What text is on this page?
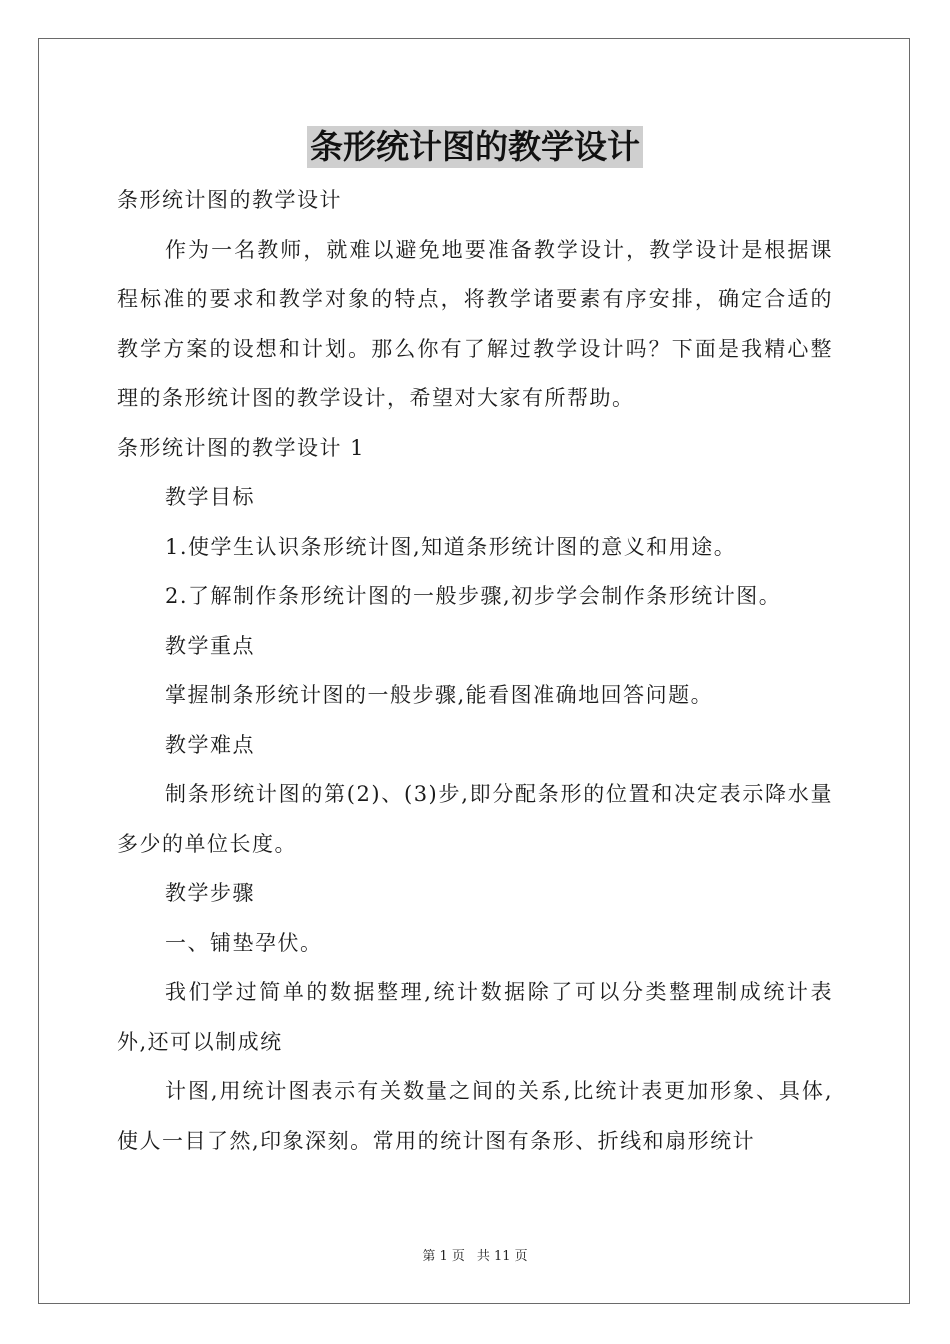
条形统计图的教学设计

条形统计图的教学设计

作为一名教师，就难以避免地要准备教学设计，教学设计是根据课程标准的要求和教学对象的特点，将教学诸要素有序安排，确定合适的教学方案的设想和计划。那么你有了解过教学设计吗？下面是我精心整理的条形统计图的教学设计，希望对大家有所帮助。

条形统计图的教学设计 1

教学目标

1.使学生认识条形统计图,知道条形统计图的意义和用途。

2.了解制作条形统计图的一般步骤,初步学会制作条形统计图。

教学重点

掌握制条形统计图的一般步骤,能看图准确地回答问题。

教学难点

制条形统计图的第(2)、(3)步,即分配条形的位置和决定表示降水量多少的单位长度。

教学步骤

一、铺垫孕伏。

我们学过简单的数据整理,统计数据除了可以分类整理制成统计表外,还可以制成统

计图,用统计图表示有关数量之间的关系,比统计表更加形象、具体,使人一目了然,印象深刻。常用的统计图有条形、折线和扇形统计

第 1 页 共 11 页
